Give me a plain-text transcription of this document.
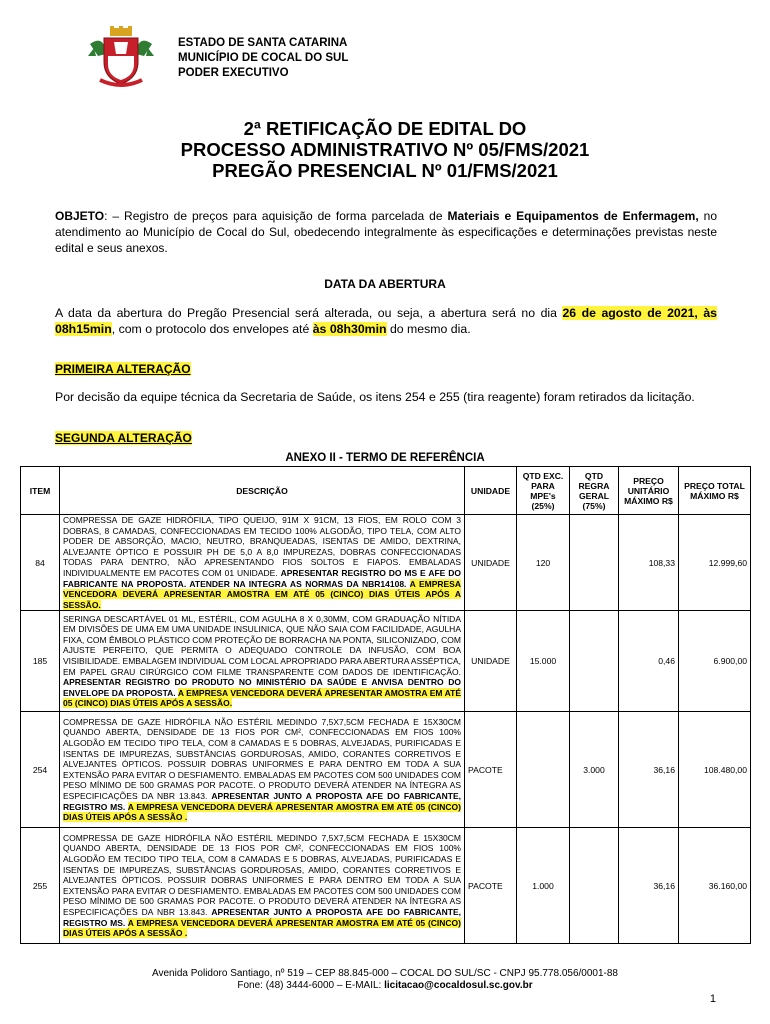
ESTADO DE SANTA CATARINA
MUNICÍPIO DE COCAL DO SUL
PODER EXECUTIVO
2ª RETIFICAÇÃO DE EDITAL DO
PROCESSO ADMINISTRATIVO Nº 05/FMS/2021
PREGÃO PRESENCIAL Nº 01/FMS/2021
OBJETO: – Registro de preços para aquisição de forma parcelada de Materiais e Equipamentos de Enfermagem, no atendimento ao Município de Cocal do Sul, obedecendo integralmente às especificações e determinações previstas neste edital e seus anexos.
DATA DA ABERTURA
A data da abertura do Pregão Presencial será alterada, ou seja, a abertura será no dia 26 de agosto de 2021, às 08h15min, com o protocolo dos envelopes até às 08h30min do mesmo dia.
PRIMEIRA ALTERAÇÃO
Por decisão da equipe técnica da Secretaria de Saúde, os itens 254 e 255 (tira reagente) foram retirados da licitação.
SEGUNDA ALTERAÇÃO
ANEXO II - TERMO DE REFERÊNCIA
ITEM	DESCRIÇÃO	UNIDADE	QTD EXC. PARA MPE's (25%)	QTD REGRA GERAL (75%)	PREÇO UNITÁRIO MÁXIMO R$	PREÇO TOTAL MÁXIMO R$
84	COMPRESSA DE GAZE HIDRÓFILA, TIPO QUEIJO, 91M X 91CM, 13 FIOS, EM ROLO COM 3 DOBRAS, 8 CAMADAS, CONFECCIONADAS EM TECIDO 100% ALGODÃO, TIPO TELA, COM ALTO PODER DE ABSORÇÃO, MACIO, NEUTRO, BRANQUEADAS, ISENTAS DE AMIDO, DEXTRINA, ALVEJANTE ÓPTICO E POSSUIR PH DE 5,0 A 8,0 IMPUREZAS, DOBRAS CONFECCIONADAS TODAS PARA DENTRO, NÃO APRESENTANDO FIOS SOLTOS E FIAPOS. EMBALADAS INDIVIDUALMENTE EM PACOTES COM 01 UNIDADE. APRESENTAR REGISTRO DO MS E AFE DO FABRICANTE NA PROPOSTA. ATENDER NA INTEGRA AS NORMAS DA NBR14108. A EMPRESA VENCEDORA DEVERÁ APRESENTAR AMOSTRA EM ATÉ 05 (CINCO) DIAS ÚTEIS APÓS A SESSÃO.	UNIDADE	120		108,33	12.999,60
185	SERINGA DESCARTÁVEL 01 ML, ESTÉRIL, COM AGULHA 8 X 0,30MM, COM GRADUAÇÃO NÍTIDA EM DIVISÕES DE UMA EM UMA UNIDADE INSULINICA, QUE NÃO SAIA COM FACILIDADE, AGULHA FIXA, COM ÊMBOLO PLÁSTICO COM PROTEÇÃO DE BORRACHA NA PONTA, SILICONIZADO, COM AJUSTE PERFEITO, QUE PERMITA O ADEQUADO CONTROLE DA INFUSÃO, COM BOA VISIBILIDADE. EMBALAGEM INDIVIDUAL COM LOCAL APROPRIADO PARA ABERTURA ASSÉPTICA, EM PAPEL GRAU CIRÚRGICO COM FILME TRANSPARENTE COM DADOS DE IDENTIFICAÇÃO. APRESENTAR REGISTRO DO PRODUTO NO MINISTÉRIO DA SAÚDE E ANVISA DENTRO DO ENVELOPE DA PROPOSTA. A EMPRESA VENCEDORA DEVERÁ APRESENTAR AMOSTRA EM ATÉ 05 (CINCO) DIAS ÚTEIS APÓS A SESSÃO.	UNIDADE	15.000		0,46	6.900,00
254	COMPRESSA DE GAZE HIDRÓFILA NÃO ESTÉRIL MEDINDO 7,5X7,5CM FECHADA E 15X30CM QUANDO ABERTA, DENSIDADE DE 13 FIOS POR CM², CONFECCIONADAS EM FIOS 100% ALGODÃO EM TECIDO TIPO TELA, COM 8 CAMADAS E 5 DOBRAS, ALVEJADAS, PURIFICADAS E ISENTAS DE IMPUREZAS, SUBSTÂNCIAS GORDUROSAS, AMIDO, CORANTES CORRETIVOS E ALVEJANTES ÓPTICOS. POSSUIR DOBRAS UNIFORMES E PARA DENTRO EM TODA A SUA EXTENSÃO PARA EVITAR O DESFIAMENTO. EMBALADAS EM PACOTES COM 500 UNIDADES COM PESO MÍNIMO DE 500 GRAMAS POR PACOTE. O PRODUTO DEVERÁ ATENDER NA ÍNTEGRA AS ESPECIFICAÇÕES DA NBR 13.843. APRESENTAR JUNTO A PROPOSTA AFE DO FABRICANTE, REGISTRO MS. A EMPRESA VENCEDORA DEVERÁ APRESENTAR AMOSTRA EM ATÉ 05 (CINCO) DIAS ÚTEIS APÓS A SESSÃO .	PACOTE		3.000	36,16	108.480,00
255	COMPRESSA DE GAZE HIDRÓFILA NÃO ESTÉRIL MEDINDO 7,5X7,5CM FECHADA E 15X30CM QUANDO ABERTA, DENSIDADE DE 13 FIOS POR CM², CONFECCIONADAS EM FIOS 100% ALGODÃO EM TECIDO TIPO TELA, COM 8 CAMADAS E 5 DOBRAS, ALVEJADAS, PURIFICADAS E ISENTAS DE IMPUREZAS, SUBSTÂNCIAS GORDUROSAS, AMIDO, CORANTES CORRETIVOS E ALVEJANTES ÓPTICOS. POSSUIR DOBRAS UNIFORMES E PARA DENTRO EM TODA A SUA EXTENSÃO PARA EVITAR O DESFIAMENTO. EMBALADAS EM PACOTES COM 500 UNIDADES COM PESO MÍNIMO DE 500 GRAMAS POR PACOTE. O PRODUTO DEVERÁ ATENDER NA ÍNTEGRA AS ESPECIFICAÇÕES DA NBR 13.843. APRESENTAR JUNTO A PROPOSTA AFE DO FABRICANTE, REGISTRO MS. A EMPRESA VENCEDORA DEVERÁ APRESENTAR AMOSTRA EM ATÉ 05 (CINCO) DIAS ÚTEIS APÓS A SESSÃO .	PACOTE	1.000		36,16	36.160,00
Avenida Polidoro Santiago, nº 519 – CEP 88.845-000 – COCAL DO SUL/SC - CNPJ 95.778.056/0001-88
Fone: (48) 3444-6000 – E-MAIL: licitacao@cocaldosul.sc.gov.br
1
